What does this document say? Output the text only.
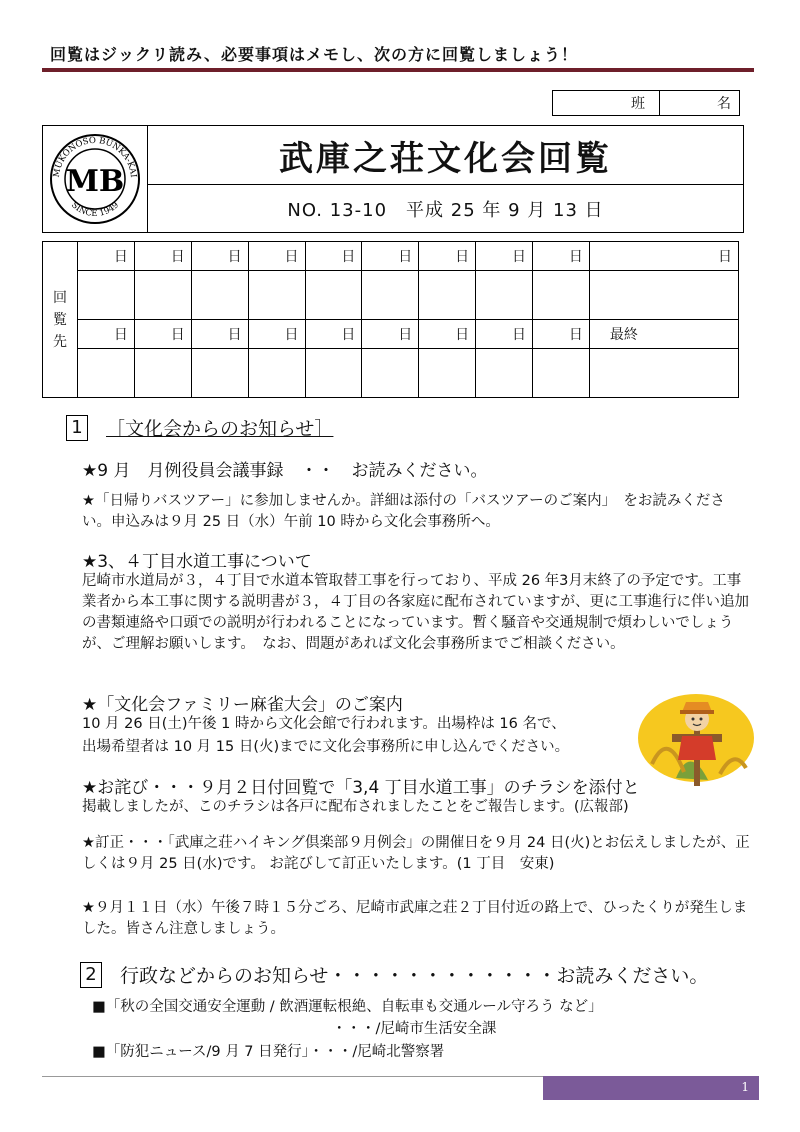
回覧はジックリ読み、必要事項はメモし、次の方に回覧しましょう！
班	名
MUKONOSO BUNKA-KAI
SINCE 1949
MB
武庫之荘文化会回覧
NO. 13-10　平成 25 年 9 月 13 日
回
覧
先	日	日	日	日	日	日	日	日	日	日

	日	日	日	日	日	日	日	日	日	最終

1 ［文化会からのお知らせ］
★9 月　月例役員会議事録　・・　お読みください。
★「日帰りバスツアー」に参加しませんか。詳細は添付の「バスツアーのご案内」　をお読みください。申込みは９月 25 日（水）午前 10 時から文化会事務所へ。
★3、４丁目水道工事について
尼崎市水道局が３，４丁目で水道本管取替工事を行っており、平成 26 年3月末終了の予定です。工事業者から本工事に関する説明書が３，４丁目の各家庭に配布されていますが、更に工事進行に伴い追加の書類連絡や口頭での説明が行われることになっています。暫く騒音や交通規制で煩わしいでしょうが、ご理解お願いします。　なお、問題があれば文化会事務所までご相談ください。
★「文化会ファミリー麻雀大会」のご案内
10 月 26 日(土)午後 1 時から文化会館で行われます。出場枠は 16 名で、
出場希望者は 10 月 15 日(火)までに文化会事務所に申し込んでください。
★お詫び・・・９月２日付回覧で「3,4 丁目水道工事」のチラシを添付と
掲載しましたが、このチラシは各戸に配布されましたことをご報告します。(広報部)
★訂正・・・「武庫之荘ハイキング倶楽部９月例会」の開催日を９月 24 日(火)とお伝えしましたが、正しくは９月 25 日(水)です。 お詫びして訂正いたします。(1 丁目　安東)
★９月１１日（水）午後７時１５分ごろ、尼崎市武庫之荘２丁目付近の路上で、ひったくりが発生しました。皆さん注意しましょう。
2 行政などからのお知らせ・・・・・・・・・・・・お読みください。
■「秋の全国交通安全運動 / 飲酒運転根絶、自転車も交通ルール守ろう など」
・・・/尼崎市生活安全課
■「防犯ニュース/9 月 7 日発行」・・・/尼崎北警察署
1
